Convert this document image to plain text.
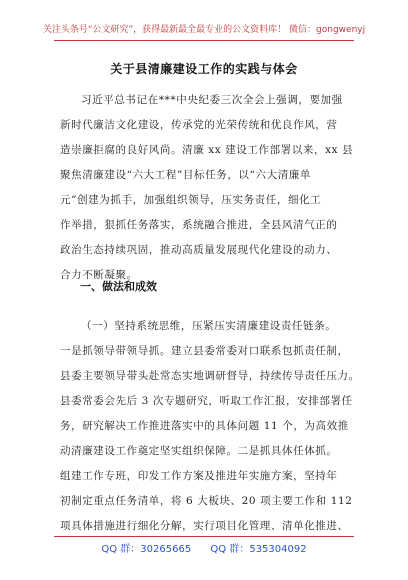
关注头条号“公文研究”，获得最新最全最专业的公文资料库！ 微信：gongwenyj
关于县清廉建设工作的实践与体会
习近平总书记在***中央纪委三次全会上强调，要加强
新时代廉洁文化建设，传承党的光荣传统和优良作风，营
造崇廉拒腐的良好风尚。清廉 xx 建设工作部署以来，xx 县
聚焦清廉建设“六大工程”目标任务，以“六大清廉单
元”创建为抓手，加强组织领导，压实务责任，细化工
作举措，狠抓任务落实，系统融合推进，全县风清气正的
政治生态持续巩固，推动高质量发展现代化建设的动力、
合力不断凝聚。
一、做法和成效
（一）坚持系统思维，压紧压实清廉建设责任链条。
一是抓领导带领导抓。建立县委常委对口联系包抓责任制，
县委主要领导带头赴常态实地调研督导，持续传导责任压力。
县委常委会先后 3 次专题研究，听取工作汇报，安排部署任
务，研究解决工作推进落实中的具体问题 11 个，为高效推
动清廉建设工作奠定坚实组织保障。二是抓具体任体抓。
组建工作专班，印发工作方案及推进年实施方案，坚持年
初制定重点任务清单，将 6 大板块、20 项主要工作和 112
项具体措施进行细化分解，实行项目化管理、清单化推进、
QQ 群：30265665 QQ 群：535304092
